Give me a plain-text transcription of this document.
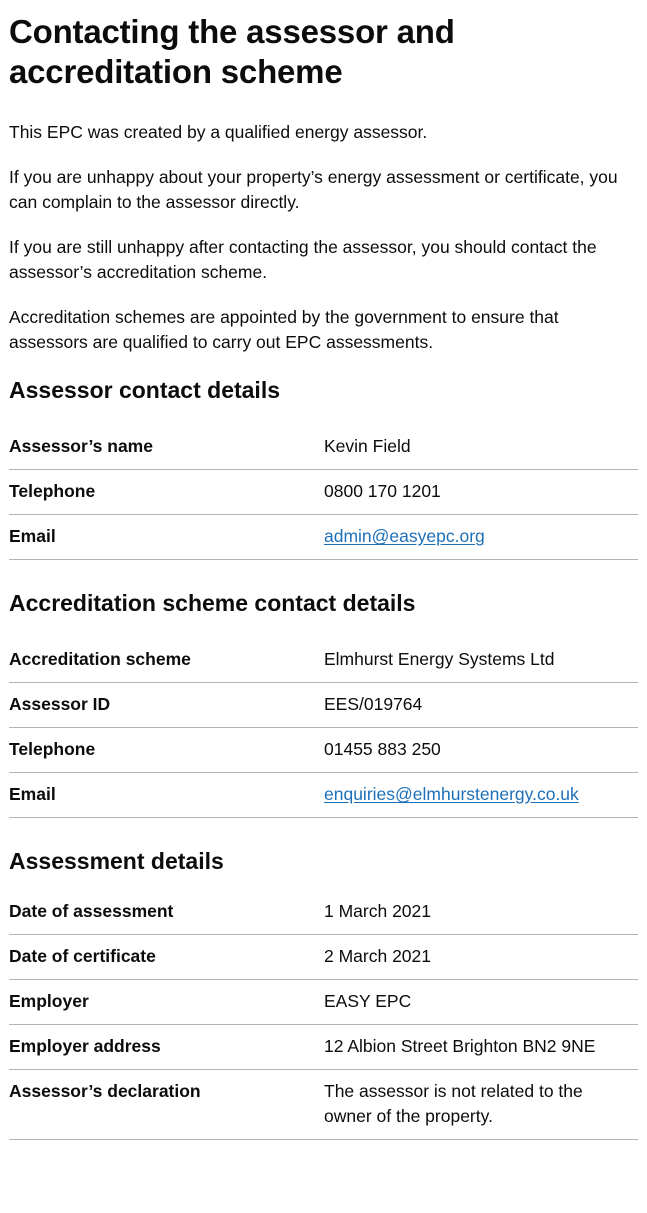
Contacting the assessor and accreditation scheme

This EPC was created by a qualified energy assessor.

If you are unhappy about your property’s energy assessment or certificate, you can complain to the assessor directly.

If you are still unhappy after contacting the assessor, you should contact the assessor’s accreditation scheme.

Accreditation schemes are appointed by the government to ensure that assessors are qualified to carry out EPC assessments.

Assessor contact details
Assessor’s name	Kevin Field
Telephone	0800 170 1201
Email	admin@easyepc.org
Accreditation scheme contact details
Accreditation scheme	Elmhurst Energy Systems Ltd
Assessor ID	EES/019764
Telephone	01455 883 250
Email	enquiries@elmhurstenergy.co.uk
Assessment details
Date of assessment	1 March 2021
Date of certificate	2 March 2021
Employer	EASY EPC
Employer address	12 Albion Street Brighton BN2 9NE
Assessor’s declaration	The assessor is not related to the owner of the property.
